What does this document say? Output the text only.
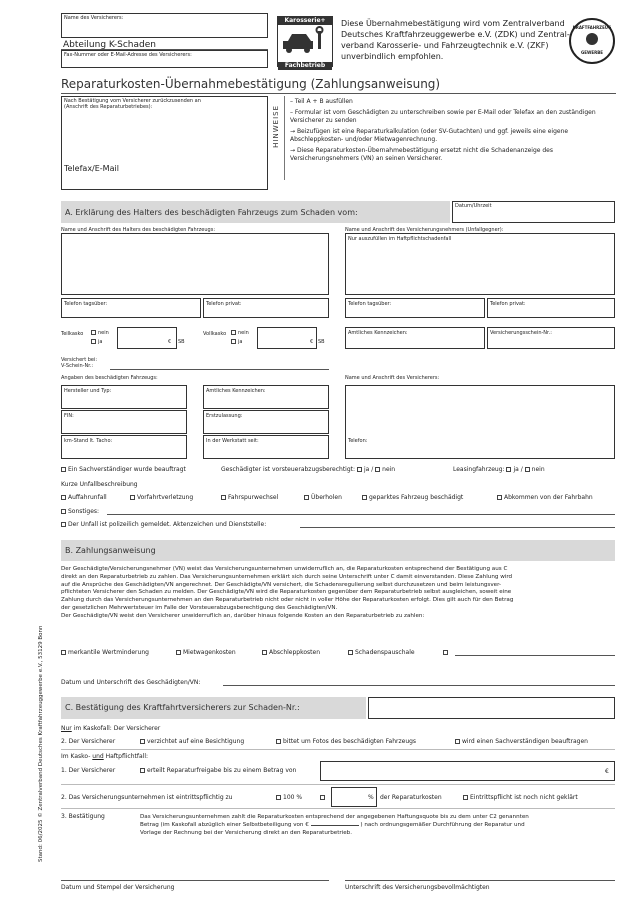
Name des Versicherers:
Abteilung K-Schaden
Fax-Nummer oder E-Mail-Adresse des Versicherers:
Karosserie+
Fachbetrieb
Diese Übernahmebestätigung wird vom Zentralverband
Deutsches Kraftfahrzeuggewerbe e.V. (ZDK) und Zentral-
verband Karosserie- und Fahrzeugtechnik e.V. (ZKF)
unverbindlich empfohlen.
KRAFTFAHRZEUG
GEWERBE
Reparaturkosten-Übernahmebestätigung (Zahlungsanweisung)
Nach Bestätigung vom Versicherer zurückzusenden an
(Anschrift des Reparaturbetriebes):
Telefax/E-Mail
HINWEISE
– Teil A + B ausfüllen
– Formular ist vom Geschädigten zu unterschreiben sowie per E-Mail oder Telefax an den zuständigen Versicherer zu senden
→ Beizufügen ist eine Reparaturkalkulation (oder SV-Gutachten) und ggf. jeweils eine eigene Abschleppkosten- und/oder Mietwagenrechnung.
→ Diese Reparaturkosten-Übernahmebestätigung ersetzt nicht die Schadenanzeige des Versicherungsnehmers (VN) an seinen Versicherer.
A. Erklärung des Halters des beschädigten Fahrzeugs zum Schaden vom:
Datum/Uhrzeit
Name und Anschrift des Halters des beschädigten Fahrzeugs:	Name und Anschrift des Versicherungsnehmers (Unfallgegner):
Nur auszufüllen im Haftpflichtschadenfall
Telefon tagsüber:	Telefon privat:	Telefon tagsüber:	Telefon privat:
Teilkasko	nein
ja	€ SB
Vollkasko	nein
ja	€ SB
Amtliches Kennzeichen:	Versicherungsschein-Nr.:
Versichert bei:
V-Schein-Nr.:
Angaben des beschädigten Fahrzeugs:
Hersteller und Typ:	Amtliches Kennzeichen:
FIN:	Erstzulassung:
km-Stand lt. Tacho:	In der Werkstatt seit:
Name und Anschrift des Versicherers:
Telefon:
Ein Sachverständiger wurde beauftragt	Geschädigter ist vorsteuerabzugsberechtigt: ja / nein	Leasingfahrzeug: ja / nein
Kurze Unfallbeschreibung
Auffahrunfall	Vorfahrtverletzung	Fahrspurwechsel	Überholen	geparktes Fahrzeug beschädigt	Abkommen von der Fahrbahn
Sonstiges:
Der Unfall ist polizeilich gemeldet. Aktenzeichen und Dienststelle:
B. Zahlungsanweisung
Der Geschädigte/Versicherungsnehmer (VN) weist das Versicherungsunternehmen unwiderruflich an, die Reparaturkosten entsprechend der Bestätigung aus C
direkt an den Reparaturbetrieb zu zahlen. Das Versicherungsunternehmen erklärt sich durch seine Unterschrift unter C damit einverstanden. Diese Zahlung wird
auf die Ansprüche des Geschädigten/VN angerechnet. Der Geschädigte/VN versichert, die Schadensregulierung selbst durchzusetzen und beim leistungsver-
pflichteten Versicherer den Schaden zu melden. Der Geschädigte/VN wird die Reparaturkosten gegenüber dem Reparaturbetrieb selbst ausgleichen, soweit eine
Zahlung durch das Versicherungsunternehmen an den Reparaturbetrieb nicht oder nicht in voller Höhe der Reparaturkosten erfolgt. Dies gilt auch für den Betrag
der gesetzlichen Mehrwertsteuer im Falle der Vorsteuerabzugsberechtigung des Geschädigten/VN.
Der Geschädigte/VN weist den Versicherer unwiderruflich an, darüber hinaus folgende Kosten an den Reparaturbetrieb zu zahlen:
merkantile Wertminderung	Mietwagenkosten	Abschleppkosten	Schadenspauschale
Datum und Unterschrift des Geschädigten/VN:
C. Bestätigung des Kraftfahrtversicherers zur Schaden-Nr.:
Nur im Kaskofall: Der Versicherer
2. Der Versicherer	verzichtet auf eine Besichtigung	bittet um Fotos des beschädigten Fahrzeugs	wird einen Sachverständigen beauftragen
Im Kasko- und Haftpflichtfall:
1. Der Versicherer	erteilt Reparaturfreigabe bis zu einem Betrag von	€
2. Das Versicherungsunternehmen ist eintrittspflichtig zu	100 %	% der Reparaturkosten	Eintrittspflicht ist noch nicht geklärt
3. Bestätigung	Das Versicherungsunternehmen zahlt die Reparaturkosten entsprechend der angegebenen Haftungsquote bis zu dem unter C2 genannten
Betrag (im Kaskofall abzüglich einer Selbstbeteiligung von €	) nach ordnungsgemäßer Durchführung der Reparatur und
Vorlage der Rechnung bei der Versicherung direkt an den Reparaturbetrieb.
Datum und Stempel der Versicherung	Unterschrift des Versicherungsbevollmächtigten
Stand: 06/2025 © Zentralverband Deutsches Kraftfahrzeuggewerbe e.V., 53129 Bonn
